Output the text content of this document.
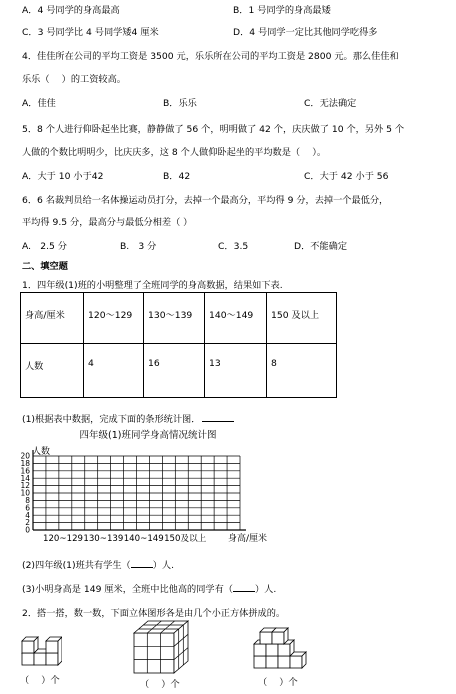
A．4 号同学的身高最高	B．1 号同学的身高最矮
C．3 号同学比 4 号同学矮4 厘米	D．4 号同学一定比其他同学吃得多
4．佳佳所在公司的平均工资是 3500 元，乐乐所在公司的平均工资是 2800 元。那么佳佳和
乐乐（　 ）的工资较高。
A．佳佳	B．乐乐	C．无法确定
5．8 个人进行仰卧起坐比赛，静静做了 56 个，明明做了 42 个，庆庆做了 10 个，另外 5 个
人做的个数比明明少，比庆庆多，这 8 个人做仰卧起坐的平均数是（　 ）。
A．大于 10 小于42	B．42	C．大于 42 小于 56
6．6 名裁判员给一名体操运动员打分，去掉一个最高分，平均得 9 分，去掉一个最低分，
平均得 9.5 分，最高分与最低分相差（ ）
A.　2.5 分	B.　3 分	C．3.5	D．不能确定
二、填空题
1．四年级(1)班的小明整理了全班同学的身高数据，结果如下表.
身高/厘米	120～129	130～139	140～149	150 及以上
人数	4	16	13	8
(1)根据表中数据，完成下面的条形统计图．
四年级(1)班同学身高情况统计图
人数
0
2
4
6
8
10
12
14
16
18
20
120~129 130~139 140~149 150及以上 身高/厘米
(2)四年级(1)班共有学生（ ）人.
(3)小明身高是 149 厘米，全班中比他高的同学有（ ）人.
2．搭一搭，数一数，下面立体图形各是由几个小正方体拼成的。
（　 ）个	（　 ）个	（　 ）个
